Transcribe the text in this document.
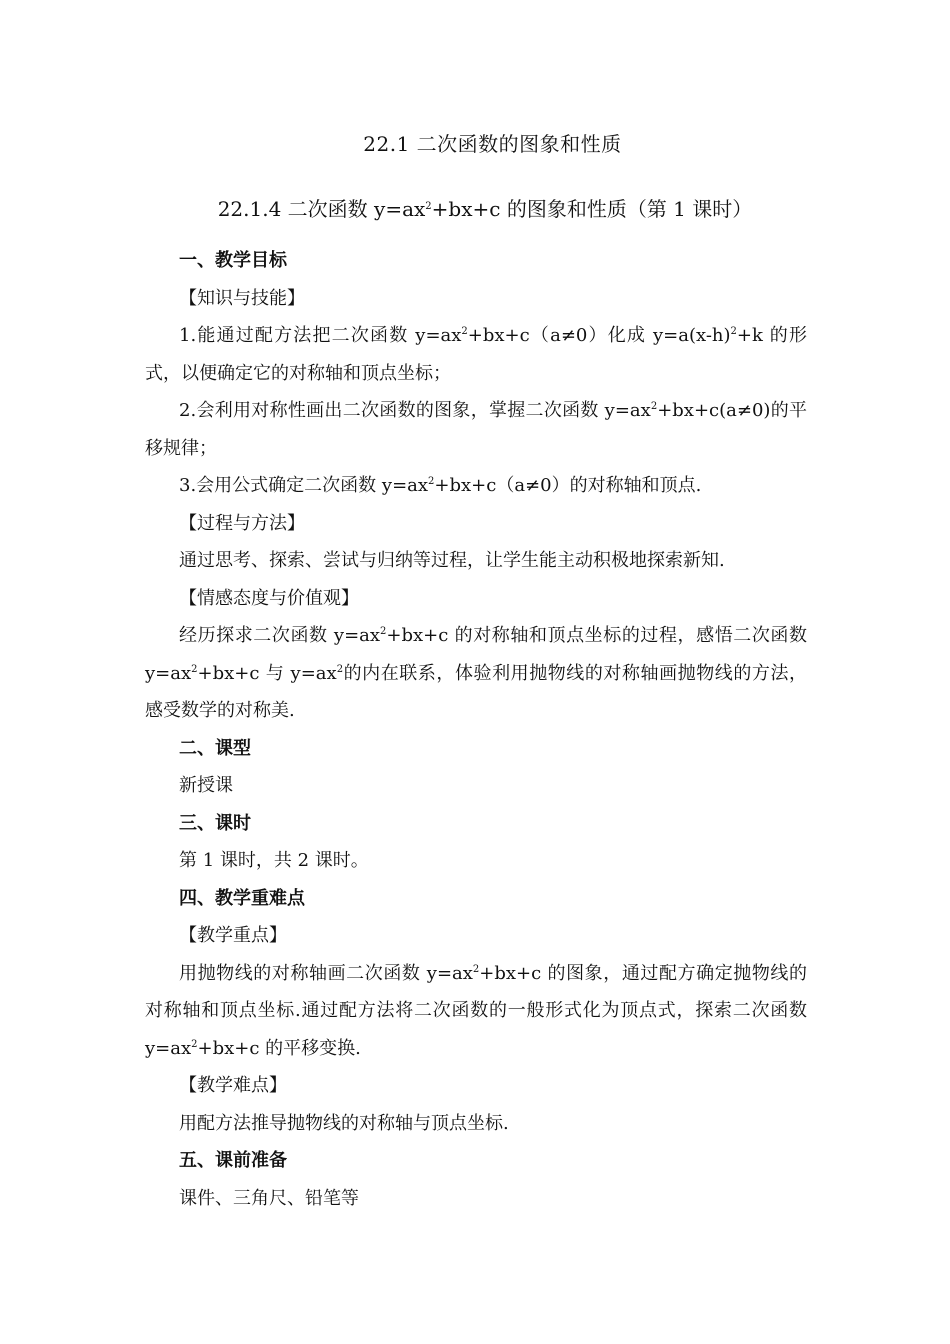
22.1 二次函数的图象和性质
22.1.4 二次函数 $y=ax^2+bx+c$ 的图象和性质（第 1 课时）

一、教学目标

【知识与技能】

1.能通过配方法把二次函数 $y=ax^2+bx+c(a\ne 0)$化成 $y=a(x-h)^2+k$ 的形式，以便确定它的对称轴和顶点坐标；

2.会利用对称性画出二次函数的图象，掌握二次函数 $y=ax^2+bx+c(a\ne 0)$的平移规律；

3.会用公式确定二次函数 $y=ax^2+bx+c(a\ne 0)$的对称轴和顶点.

【过程与方法】

通过思考、探索、尝试与归纳等过程，让学生能主动积极地探索新知.

【情感态度与价值观】

经历探求二次函数 $y=ax^2+bx+c$ 的对称轴和顶点坐标的过程，感悟二次函数 $y=ax^2+bx+c$ 与 $y=ax^2$的内在联系，体验利用抛物线的对称轴画抛物线的方法，感受数学的对称美.

二、课型

新授课

三、课时

第 1 课时，共 2 课时。

四、教学重难点

【教学重点】

用抛物线的对称轴画二次函数 $y=ax^2+bx+c$ 的图象，通过配方确定抛物线的对称轴和顶点坐标.通过配方法将二次函数的一般形式化为顶点式，探索二次函数 $y=ax^2+bx+c$ 的平移变换.

【教学难点】

用配方法推导抛物线的对称轴与顶点坐标.

五、课前准备

课件、三角尺、铅笔等
